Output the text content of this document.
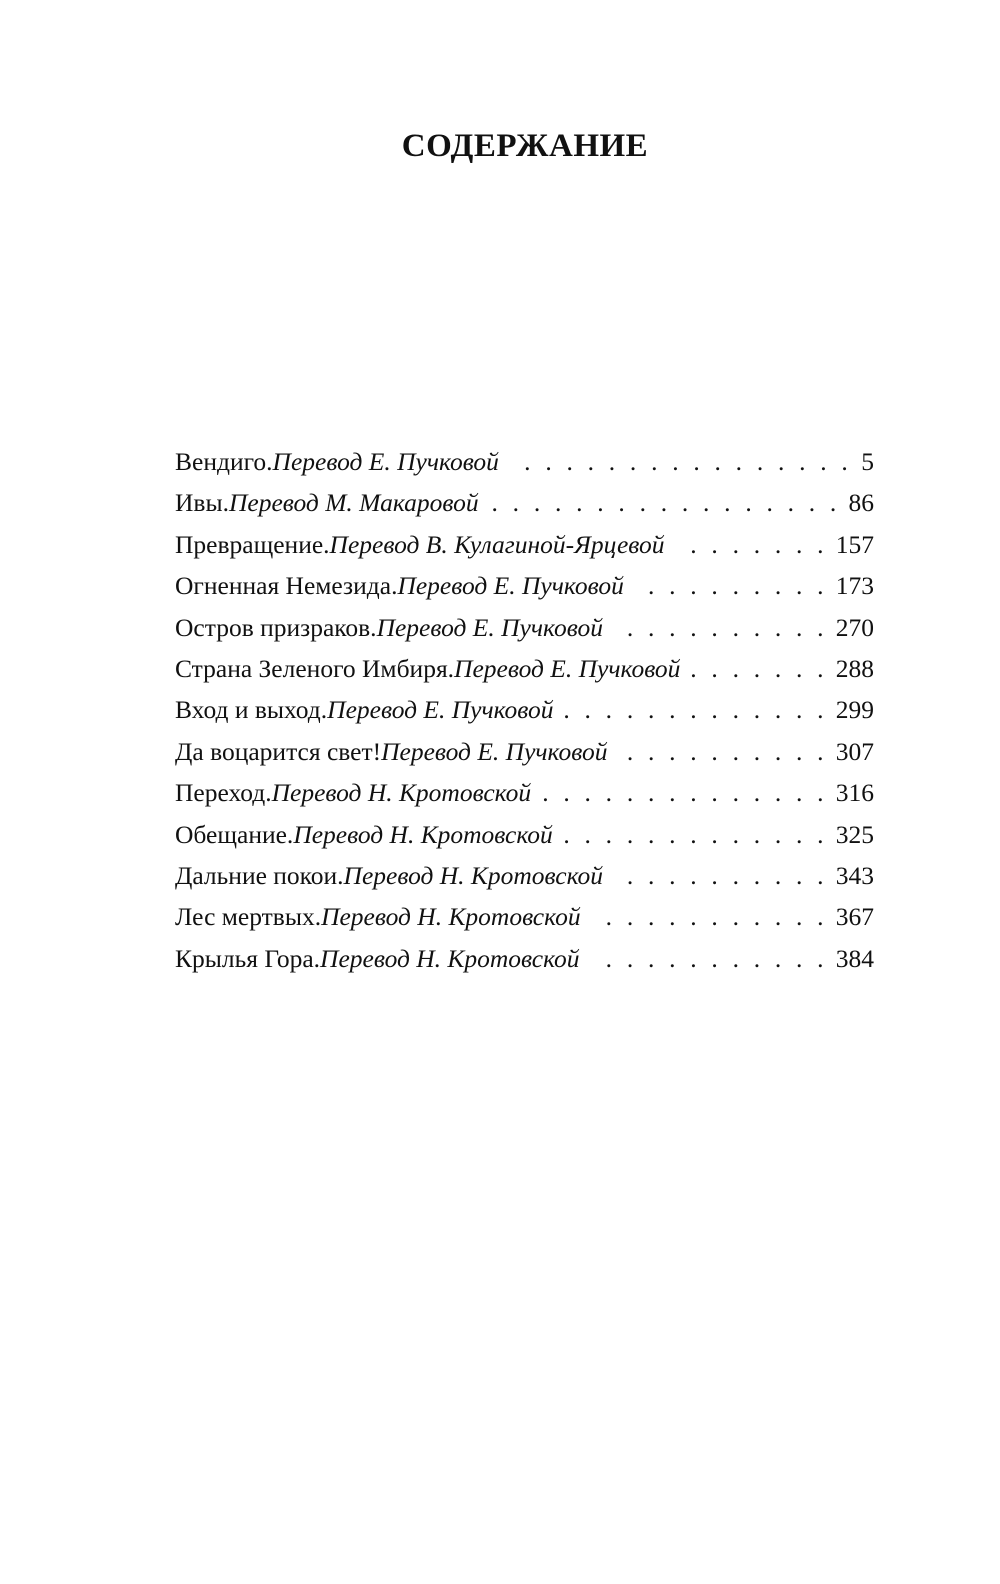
СОДЕРЖАНИЕ
Вендиго. Перевод Е. Пучковой . . .	5
Ивы. Перевод М. Макаровой . . .	86
Превращение. Перевод В. Кулагиной-Ярцевой . . .	157
Огненная Немезида. Перевод Е. Пучковой . . .	173
Остров призраков. Перевод Е. Пучковой . . .	270
Страна Зеленого Имбиря. Перевод Е. Пучковой . . .	288
Вход и выход. Перевод Е. Пучковой . . .	299
Да воцарится свет! Перевод Е. Пучковой . . .	307
Переход. Перевод Н. Кротовской . . .	316
Обещание. Перевод Н. Кротовской . . .	325
Дальние покои. Перевод Н. Кротовской . . .	343
Лес мертвых. Перевод Н. Кротовской . . .	367
Крылья Гора. Перевод Н. Кротовской . . .	384
